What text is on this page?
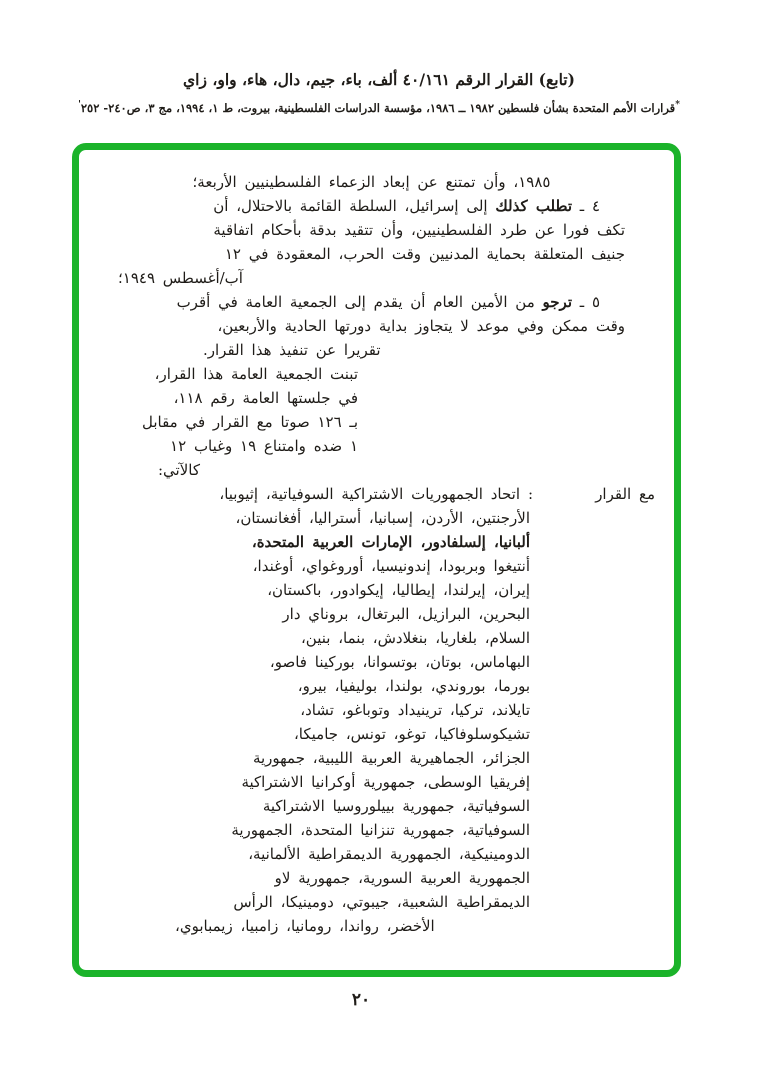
(تابع) القرار الرقم ٤٠/١٦١ ألف، باء، جيم، دال، هاء، واو، زاي
*قرارات الأمم المتحدة بشأن فلسطين ١٩٨٢ ــ ١٩٨٦، مؤسسة الدراسات الفلسطينية، بيروت، ط ١، ١٩٩٤، مج ٣، ص٢٤٠- ٢٥٢'
١٩٨٥، وأن تمتنع عن إبعاد الزعماء الفلسطينيين الأربعة؛
٤ ـ تطلب كذلك إلى إسرائيل، السلطة القائمة بالاحتلال، أن
تكف فورا عن طرد الفلسطينيين، وأن تتقيد بدقة بأحكام اتفاقية
جنيف المتعلقة بحماية المدنيين وقت الحرب، المعقودة في ١٢
آب/أغسطس ١٩٤٩؛
٥ ـ ترجو من الأمين العام أن يقدم إلى الجمعية العامة في أقرب
وقت ممكن وفي موعد لا يتجاوز بداية دورتها الحادية والأربعين،
تقريرا عن تنفيذ هذا القرار.
تبنت الجمعية العامة هذا القرار،
في جلستها العامة رقم ١١٨،
بـ ١٢٦ صوتا مع القرار في مقابل
١ ضده وامتناع ١٩ وغياب ١٢
كالآتي:
مع القرار
:
اتحاد الجمهوريات الاشتراكية السوفياتية، إثيوبيا،
الأرجنتين، الأردن، إسبانيا، أستراليا، أفغانستان،
ألبانيا، إلسلفادور، الإمارات العربية المتحدة،
أنتيغوا وبربودا، إندونيسيا، أوروغواي، أوغندا،
إيران، إيرلندا، إيطاليا، إيكوادور، باكستان،
البحرين، البرازيل، البرتغال، بروناي دار
السلام، بلغاريا، بنغلادش، بنما، بنين،
البهاماس، بوتان، بوتسوانا، بوركينا فاصو،
بورما، بوروندي، بولندا، بوليفيا، بيرو،
تايلاند، تركيا، ترينيداد وتوباغو، تشاد،
تشيكوسلوفاكيا، توغو، تونس، جاميكا،
الجزائر، الجماهيرية العربية الليبية، جمهورية
إفريقيا الوسطى، جمهورية أوكرانيا الاشتراكية
السوفياتية، جمهورية بييلوروسيا الاشتراكية
السوفياتية، جمهورية تنزانيا المتحدة، الجمهورية
الدومينيكية، الجمهورية الديمقراطية الألمانية،
الجمهورية العربية السورية، جمهورية لاو
الديمقراطية الشعبية، جيبوتي، دومينيكا، الرأس
الأخضر، رواندا، رومانيا، زامبيا، زيمبابوي،
٢٠
